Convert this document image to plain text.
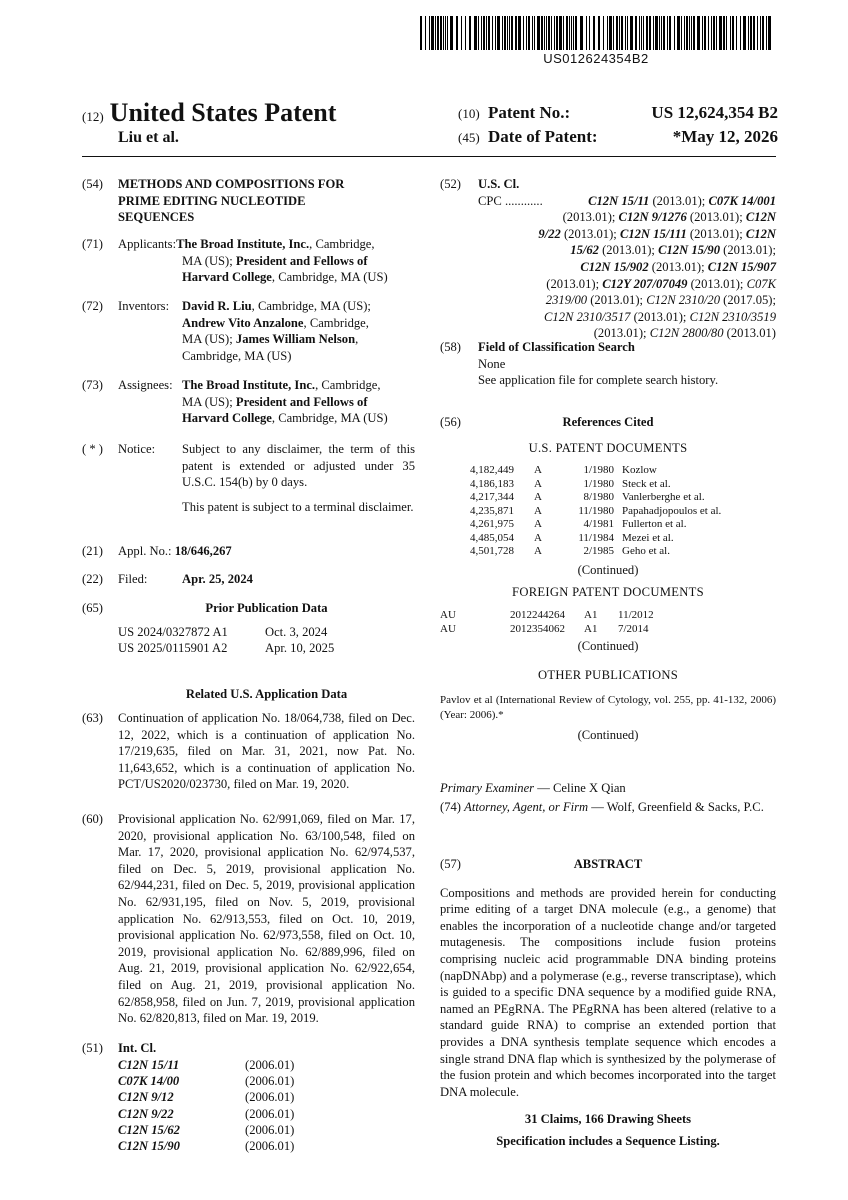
US012624354B2
(12) United States Patent
Liu et al.
(10) Patent No.:	US 12,624,354 B2
(45) Date of Patent:	*May 12, 2026
(54) METHODS AND COMPOSITIONS FOR
PRIME EDITING NUCLEOTIDE
SEQUENCES
(71) Applicants:The Broad Institute, Inc., Cambridge,
MA (US); President and Fellows of
Harvard College, Cambridge, MA (US)
(72) Inventors: David R. Liu, Cambridge, MA (US);
Andrew Vito Anzalone, Cambridge,
MA (US); James William Nelson,
Cambridge, MA (US)
(73) Assignees: The Broad Institute, Inc., Cambridge,
MA (US); President and Fellows of
Harvard College, Cambridge, MA (US)
( * ) Notice: Subject to any disclaimer, the term of this patent is extended or adjusted under 35 U.S.C. 154(b) by 0 days.
This patent is subject to a terminal disclaimer.
(21) Appl. No.: 18/646,267
(22) Filed:	Apr. 25, 2024
(65)	Prior Publication Data
US 2024/0327872 A1	Oct. 3, 2024
US 2025/0115901 A2	Apr. 10, 2025
Related U.S. Application Data
(63) Continuation of application No. 18/064,738, filed on Dec. 12, 2022, which is a continuation of application No. 17/219,635, filed on Mar. 31, 2021, now Pat. No. 11,643,652, which is a continuation of application No. PCT/US2020/023730, filed on Mar. 19, 2020.
(60) Provisional application No. 62/991,069, filed on Mar. 17, 2020, provisional application No. 63/100,548, filed on Mar. 17, 2020, provisional application No. 62/974,537, filed on Dec. 5, 2019, provisional application No. 62/944,231, filed on Dec. 5, 2019, provisional application No. 62/931,195, filed on Nov. 5, 2019, provisional application No. 62/913,553, filed on Oct. 10, 2019, provisional application No. 62/973,558, filed on Oct. 10, 2019, provisional application No. 62/889,996, filed on Aug. 21, 2019, provisional application No. 62/922,654, filed on Aug. 21, 2019, provisional application No. 62/858,958, filed on Jun. 7, 2019, provisional application No. 62/820,813, filed on Mar. 19, 2019.
(51) Int. Cl.
C12N 15/11	(2006.01)
C07K 14/00	(2006.01)
C12N 9/12	(2006.01)
C12N 9/22	(2006.01)
C12N 15/62	(2006.01)
C12N 15/90	(2006.01)
(52) U.S. Cl.
CPC ............	C12N 15/11 (2013.01); C07K 14/001
(2013.01); C12N 9/1276 (2013.01); C12N
9/22 (2013.01); C12N 15/111 (2013.01); C12N
15/62 (2013.01); C12N 15/90 (2013.01);
C12N 15/902 (2013.01); C12N 15/907
(2013.01); C12Y 207/07049 (2013.01); C07K
2319/00 (2013.01); C12N 2310/20 (2017.05);
C12N 2310/3517 (2013.01); C12N 2310/3519
(2013.01); C12N 2800/80 (2013.01)
(58) Field of Classification Search
None
See application file for complete search history.
(56)	References Cited
U.S. PATENT DOCUMENTS
4,182,449	A	1/1980 Kozlow
4,186,183	A	1/1980 Steck et al.
4,217,344	A	8/1980 Vanlerberghe et al.
4,235,871	A	11/1980 Papahadjopoulos et al.
4,261,975	A	4/1981 Fullerton et al.
4,485,054	A	11/1984 Mezei et al.
4,501,728	A	2/1985 Geho et al.
(Continued)
FOREIGN PATENT DOCUMENTS
AU	2012244264	A1	11/2012
AU	2012354062	A1	7/2014
(Continued)
OTHER PUBLICATIONS
Pavlov et al (International Review of Cytology, vol. 255, pp. 41-132, 2006) (Year: 2006).*
(Continued)
Primary Examiner — Celine X Qian
(74) Attorney, Agent, or Firm — Wolf, Greenfield & Sacks, P.C.
(57)	ABSTRACT
Compositions and methods are provided herein for conducting prime editing of a target DNA molecule (e.g., a genome) that enables the incorporation of a nucleotide change and/or targeted mutagenesis. The compositions include fusion proteins comprising nucleic acid programmable DNA binding proteins (napDNAbp) and a polymerase (e.g., reverse transcriptase), which is guided to a specific DNA sequence by a modified guide RNA, named an PEgRNA. The PEgRNA has been altered (relative to a standard guide RNA) to comprise an extended portion that provides a DNA synthesis template sequence which encodes a single strand DNA flap which is synthesized by the polymerase of the fusion protein and which becomes incorporated into the target DNA molecule.
31 Claims, 166 Drawing Sheets
Specification includes a Sequence Listing.
